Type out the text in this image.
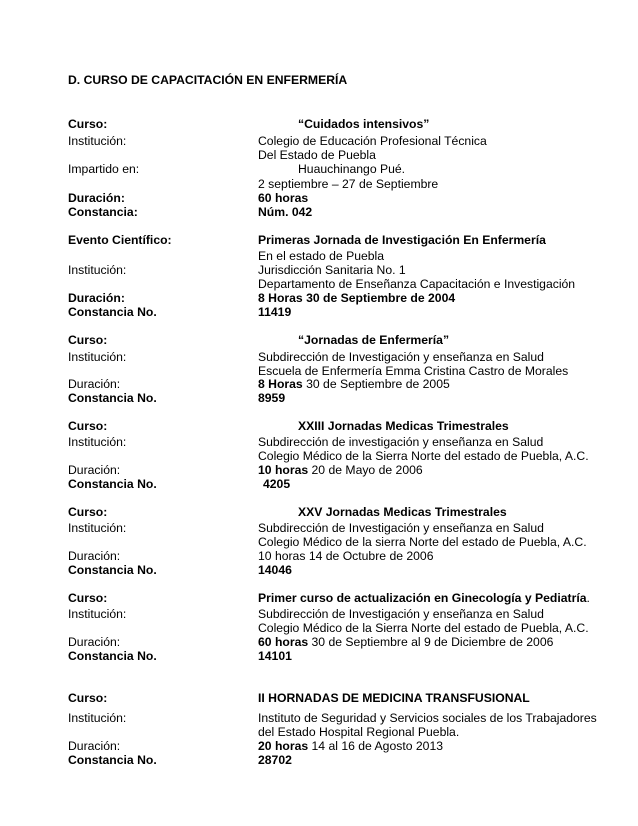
D. CURSO DE CAPACITACIÓN EN ENFERMERÍA
Curso:	“Cuidados intensivos”
Institución:	Colegio de Educación Profesional Técnica
Del Estado de Puebla
Impartido en:	Huauchinango Pué.
2 septiembre – 27 de Septiembre
Duración:	60 horas
Constancia:	Núm. 042
Evento Científico:	Primeras Jornada de Investigación En Enfermería
En el estado de Puebla
Institución:	Jurisdicción Sanitaria No. 1
Departamento de Enseñanza Capacitación e Investigación
Duración:	8 Horas 30 de Septiembre de 2004
Constancia No.	11419
Curso:	“Jornadas de Enfermería”
Institución:	Subdirección de Investigación y enseñanza en Salud
Escuela de Enfermería Emma Cristina Castro de Morales
Duración:	8 Horas 30 de Septiembre de 2005
Constancia No.	8959
Curso:	XXIII Jornadas Medicas Trimestrales
Institución:	Subdirección de investigación y enseñanza en Salud
Colegio Médico de la Sierra Norte del estado de Puebla, A.C.
Duración:	10 horas 20 de Mayo de 2006
Constancia No.	4205
Curso:	XXV Jornadas Medicas Trimestrales
Institución:	Subdirección de Investigación y enseñanza en Salud
Colegio Médico de la sierra Norte del estado de Puebla, A.C.
Duración:	10 horas 14 de Octubre de 2006
Constancia No.	14046
Curso:	Primer curso de actualización en Ginecología y Pediatría.
Institución:	Subdirección de Investigación y enseñanza en Salud
Colegio Médico de la Sierra Norte del estado de Puebla, A.C.
Duración:	60 horas 30 de Septiembre al 9 de Diciembre de 2006
Constancia No.	14101
Curso:	II HORNADAS DE MEDICINA TRANSFUSIONAL
Institución:	Instituto de Seguridad y Servicios sociales de los Trabajadores
del Estado Hospital Regional Puebla.
Duración:	20 horas 14 al 16 de Agosto 2013
Constancia No.	28702
